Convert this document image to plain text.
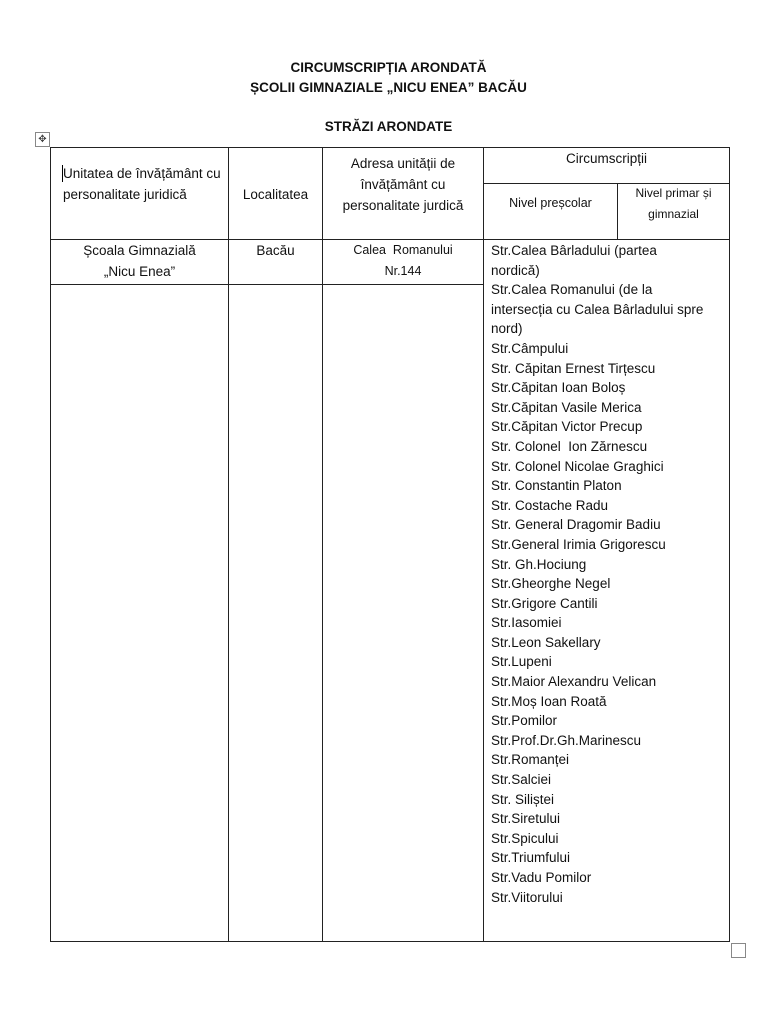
CIRCUMSCRIPȚIA ARONDATĂ
ȘCOLII GIMNAZIALE „NICU ENEA” BACĂU
STRĂZI ARONDATE
✥
Unitatea de învățământ cu personalitate juridică	Localitatea
Adresa unității de învățământ cu personalitate jurdică
Circumscripții
Nivel preșcolar
Nivel primar și gimnazial
Școala Gimnazială
„Nicu Enea”
Bacău	Calea  Romanului
Nr.144
Str.Calea Bârladului (partea
nordică)
Str.Calea Romanului (de la
intersecția cu Calea Bârladului spre
nord)
Str.Câmpului
Str. Căpitan Ernest Tirțescu
Str.Căpitan Ioan Boloș
Str.Căpitan Vasile Merica
Str.Căpitan Victor Precup
Str. Colonel  Ion Zărnescu
Str. Colonel Nicolae Graghici
Str. Constantin Platon
Str. Costache Radu
Str. General Dragomir Badiu
Str.General Irimia Grigorescu
Str. Gh.Hociung
Str.Gheorghe Negel
Str.Grigore Cantili
Str.Iasomiei
Str.Leon Sakellary
Str.Lupeni
Str.Maior Alexandru Velican
Str.Moș Ioan Roată
Str.Pomilor
Str.Prof.Dr.Gh.Marinescu
Str.Romanței
Str.Salciei
Str. Siliștei
Str.Siretului
Str.Spicului
Str.Triumfului
Str.Vadu Pomilor
Str.Viitorului
